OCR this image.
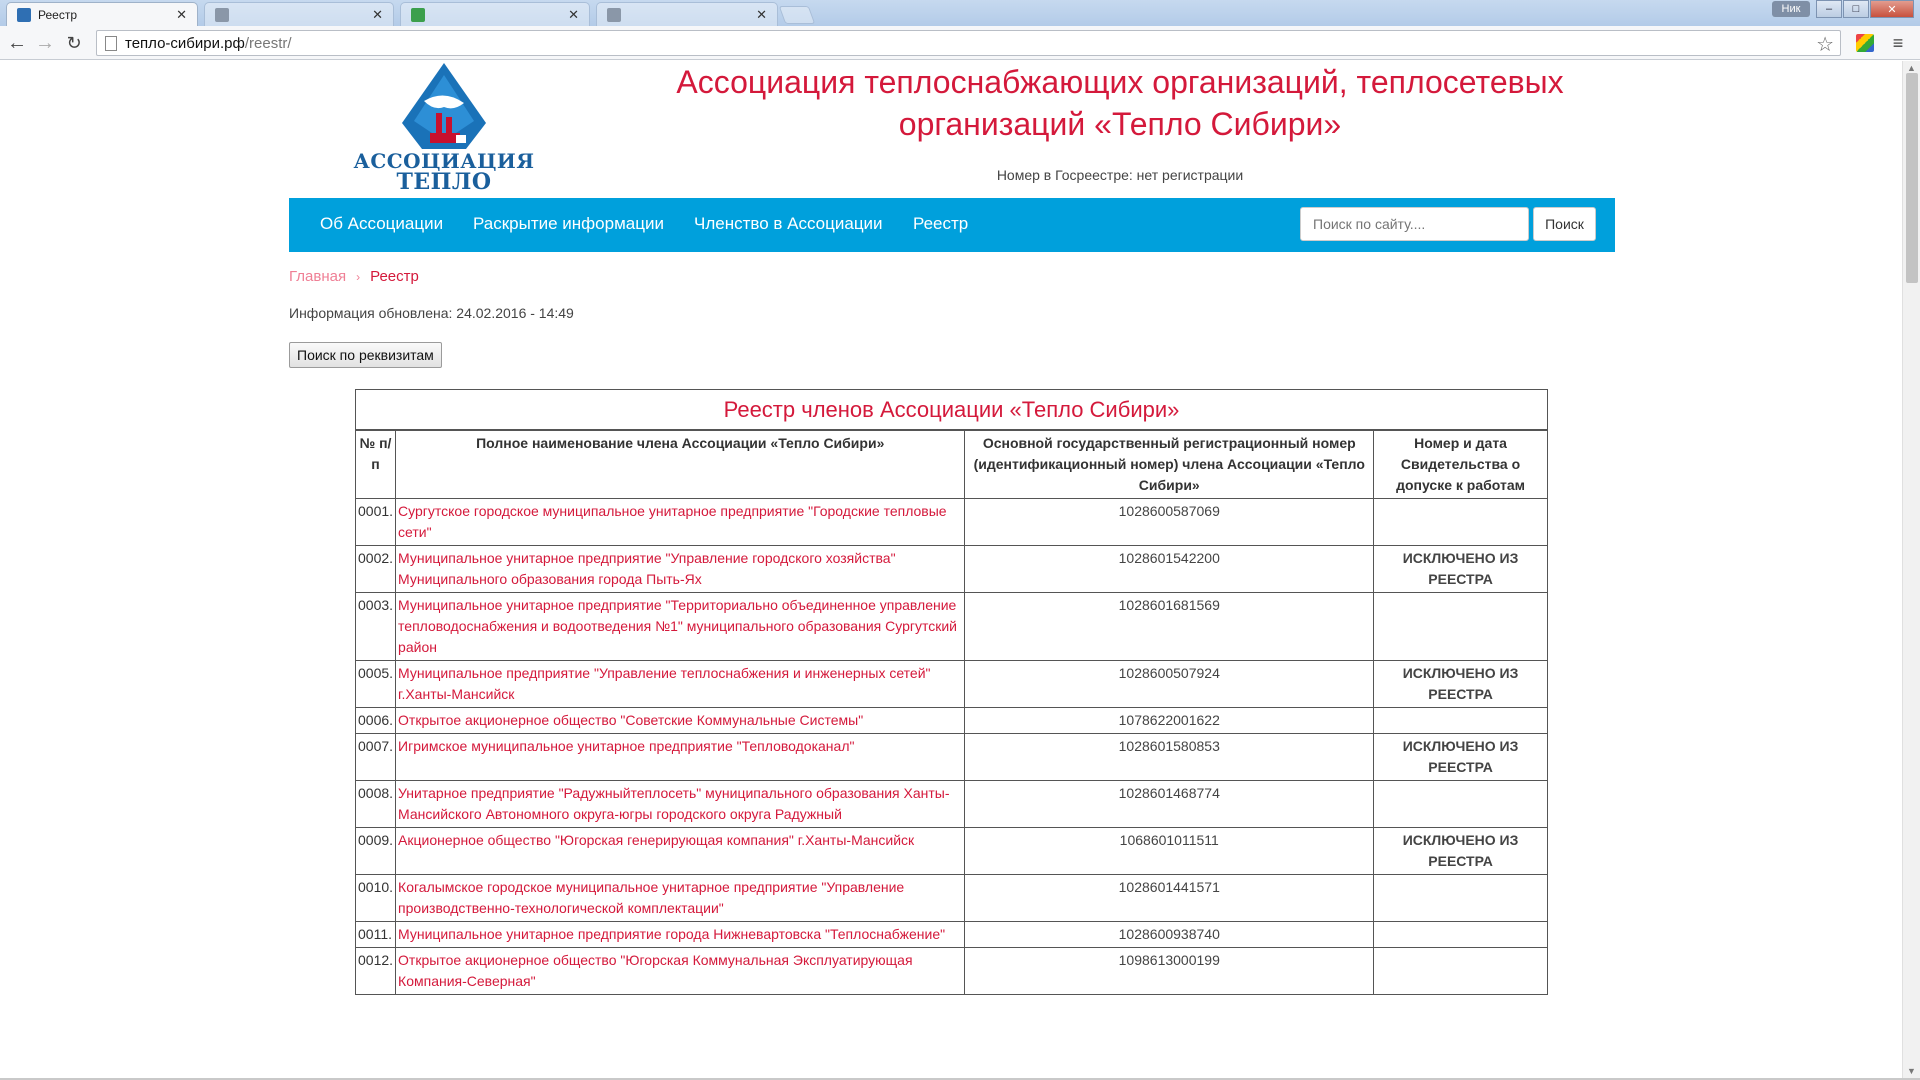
Реестр	✕	✕	✕	✕	Ник	–	□	✕
← → ↻	тепло-сибири.рф /reestr/	☆	≡
АССОЦИАЦИЯ
ТЕПЛО
Ассоциация теплоснабжающих организаций, теплосетевых
организаций «Тепло Сибири»
Номер в Госреестре: нет регистрации
Об Ассоциации Раскрытие информации Членство в Ассоциации Реестр
Поиск по сайту....	Поиск
Главная › Реестр
Информация обновлена: 24.02.2016 - 14:49
Поиск по реквизитам
Реестр членов Ассоциации «Тепло Сибири»			
№ п/п	Полное наименование члена Ассоциации «Тепло Сибири»	Основной государственный регистрационный номер (идентификационный номер) члена Ассоциации «Тепло Сибири»	Номер и дата Свидетельства о допуске к работам
0001.	Сургутское городское муниципальное унитарное предприятие "Городские тепловые сети"	1028600587069	
0002.	Муниципальное унитарное предприятие "Управление городского хозяйства" Муниципального образования города Пыть-Ях	1028601542200	ИСКЛЮЧЕНО ИЗ РЕЕСТРА
0003.	Муниципальное унитарное предприятие "Территориально объединенное управление тепловодоснабжения и водоотведения №1" муниципального образования Сургутский район	1028601681569	
0005.	Муниципальное предприятие "Управление теплоснабжения и инженерных сетей" г.Ханты-Мансийск	1028600507924	ИСКЛЮЧЕНО ИЗ РЕЕСТРА
0006.	Открытое акционерное общество "Советские Коммунальные Системы"	1078622001622	
0007.	Игримское муниципальное унитарное предприятие "Тепловодоканал"	1028601580853	ИСКЛЮЧЕНО ИЗ РЕЕСТРА
0008.	Унитарное предприятие "Радужныйтеплосеть" муниципального образования Ханты-Мансийского Автономного округа-югры городского округа Радужный	1028601468774	
0009.	Акционерное общество "Югорская генерирующая компания" г.Ханты-Мансийск	1068601011511	ИСКЛЮЧЕНО ИЗ РЕЕСТРА
0010.	Когалымское городское муниципальное унитарное предприятие "Управление производственно-технологической комплектации"	1028601441571	
0011.	Муниципальное унитарное предприятие города Нижневартовска "Теплоснабжение"	1028600938740	
0012.	Открытое акционерное общество "Югорская Коммунальная Эксплуатирующая Компания-Северная"	1098613000199	
▲
▼
